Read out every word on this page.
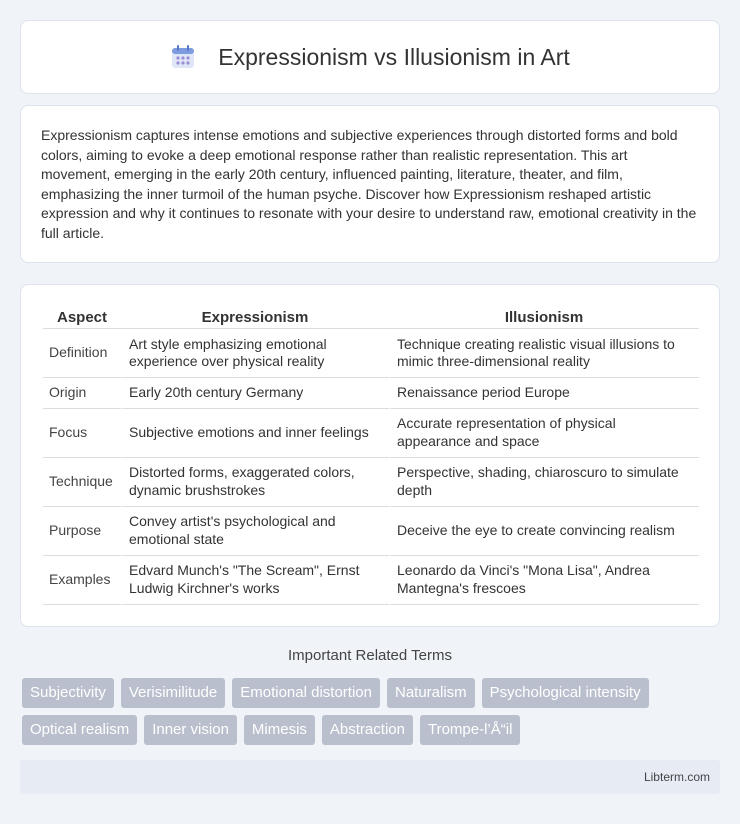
Expressionism vs Illusionism in Art

Expressionism captures intense emotions and subjective experiences through distorted forms and bold colors, aiming to evoke a deep emotional response rather than realistic representation. This art movement, emerging in the early 20th century, influenced painting, literature, theater, and film, emphasizing the inner turmoil of the human psyche. Discover how Expressionism reshaped artistic expression and why it continues to resonate with your desire to understand raw, emotional creativity in the full article.

Aspect	Expressionism	Illusionism
Definition	Art style emphasizing emotional experience over physical reality	Technique creating realistic visual illusions to mimic three-dimensional reality
Origin	Early 20th century Germany	Renaissance period Europe
Focus	Subjective emotions and inner feelings	Accurate representation of physical appearance and space
Technique	Distorted forms, exaggerated colors, dynamic brushstrokes	Perspective, shading, chiaroscuro to simulate depth
Purpose	Convey artist's psychological and emotional state	Deceive the eye to create convincing realism
Examples	Edvard Munch's "The Scream", Ernst Ludwig Kirchner's works	Leonardo da Vinci's "Mona Lisa", Andrea Mantegna's frescoes
Important Related Terms
Subjectivity	Verisimilitude	Emotional distortion	Naturalism	Psychological intensity
Optical realism	Inner vision	Mimesis	Abstraction	Trompe-l’Å“il
Libterm.com
